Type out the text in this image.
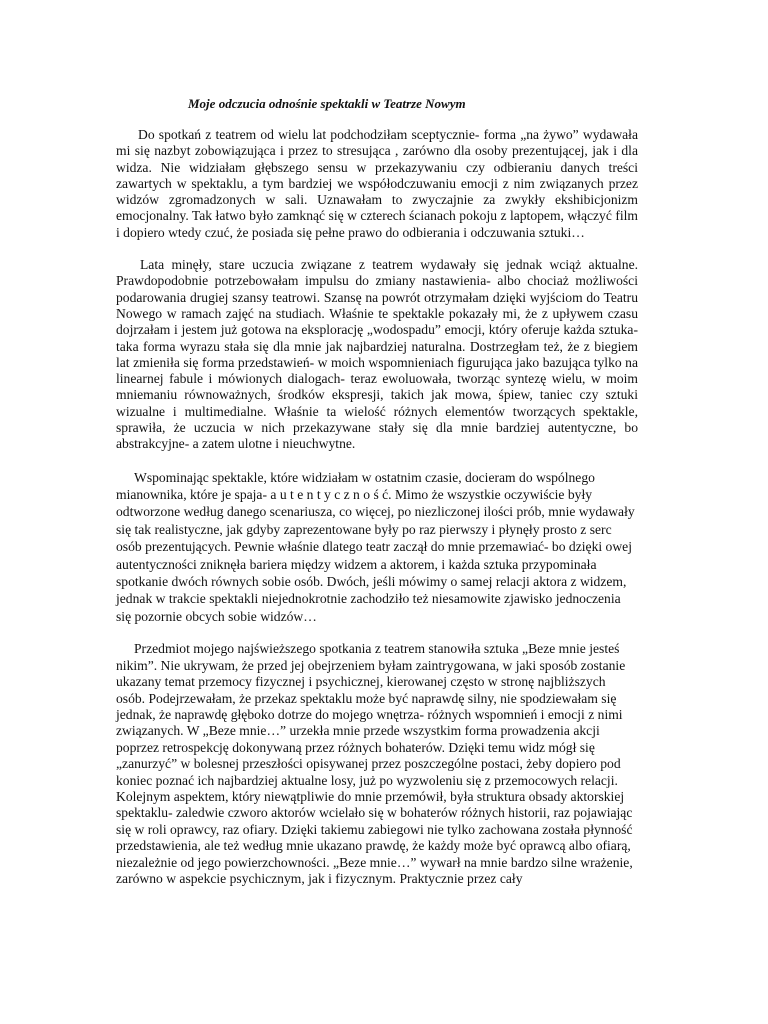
Moje odczucia odnośnie spektakli w Teatrze Nowym

Do spotkań z teatrem od wielu lat podchodziłam sceptycznie- forma „na żywo” wydawała mi się nazbyt zobowiązująca i przez to stresująca , zarówno dla osoby prezentującej, jak i dla widza. Nie widziałam głębszego sensu w przekazywaniu czy odbieraniu danych treści zawartych w spektaklu, a tym bardziej we współodczuwaniu emocji z nim związanych przez widzów zgromadzonych w sali. Uznawałam to zwyczajnie za zwykły ekshibicjonizm emocjonalny. Tak łatwo było zamknąć się w czterech ścianach pokoju z laptopem, włączyć film i dopiero wtedy czuć, że posiada się pełne prawo do odbierania i odczuwania sztuki…

Lata minęły, stare uczucia związane z teatrem wydawały się jednak wciąż aktualne. Prawdopodobnie potrzebowałam impulsu do zmiany nastawienia- albo chociaż możliwości podarowania drugiej szansy teatrowi. Szansę na powrót otrzymałam dzięki wyjściom do Teatru Nowego w ramach zajęć na studiach. Właśnie te spektakle pokazały mi, że z upływem czasu dojrzałam i jestem już gotowa na eksplorację „wodospadu” emocji, który oferuje każda sztuka- taka forma wyrazu stała się dla mnie jak najbardziej naturalna. Dostrzegłam też, że z biegiem lat zmieniła się forma przedstawień- w moich wspomnieniach figurująca jako bazująca tylko na linearnej fabule i mówionych dialogach- teraz ewoluowała, tworząc syntezę wielu, w moim mniemaniu równoważnych, środków ekspresji, takich jak mowa, śpiew, taniec czy sztuki wizualne i multimedialne. Właśnie ta wielość różnych elementów tworzących spektakle, sprawiła, że uczucia w nich przekazywane stały się dla mnie bardziej autentyczne, bo abstrakcyjne- a zatem ulotne i nieuchwytne.

Wspominając spektakle, które widziałam w ostatnim czasie, docieram do wspólnego mianownika, które je spaja- a u t e n t y c z n o ś ć. Mimo że wszystkie oczywiście były odtworzone według danego scenariusza, co więcej, po niezliczonej ilości prób, mnie wydawały się tak realistyczne, jak gdyby zaprezentowane były po raz pierwszy i płynęły prosto z serc osób prezentujących. Pewnie właśnie dlatego teatr zaczął do mnie przemawiać- bo dzięki owej autentyczności zniknęła bariera między widzem a aktorem, i każda sztuka przypominała spotkanie dwóch równych sobie osób. Dwóch, jeśli mówimy o samej relacji aktora z widzem, jednak w trakcie spektakli niejednokrotnie zachodziło też niesamowite zjawisko jednoczenia się pozornie obcych sobie widzów…

Przedmiot mojego najświeższego spotkania z teatrem stanowiła sztuka „Beze mnie jesteś nikim”. Nie ukrywam, że przed jej obejrzeniem byłam zaintrygowana, w jaki sposób zostanie ukazany temat przemocy fizycznej i psychicznej, kierowanej często w stronę najbliższych osób. Podejrzewałam, że przekaz spektaklu może być naprawdę silny, nie spodziewałam się jednak, że naprawdę głęboko dotrze do mojego wnętrza- różnych wspomnień i emocji z nimi związanych. W „Beze mnie…” urzekła mnie przede wszystkim forma prowadzenia akcji poprzez retrospekcję dokonywaną przez różnych bohaterów. Dzięki temu widz mógł się „zanurzyć” w bolesnej przeszłości opisywanej przez poszczególne postaci, żeby dopiero pod koniec poznać ich najbardziej aktualne losy, już po wyzwoleniu się z przemocowych relacji. Kolejnym aspektem, który niewątpliwie do mnie przemówił, była struktura obsady aktorskiej spektaklu- zaledwie czworo aktorów wcielało się w bohaterów różnych historii, raz pojawiając się w roli oprawcy, raz ofiary. Dzięki takiemu zabiegowi nie tylko zachowana została płynność przedstawienia, ale też według mnie ukazano prawdę, że każdy może być oprawcą albo ofiarą, niezależnie od jego powierzchowności. „Beze mnie…” wywarł na mnie bardzo silne wrażenie, zarówno w aspekcie psychicznym, jak i fizycznym. Praktycznie przez cały
